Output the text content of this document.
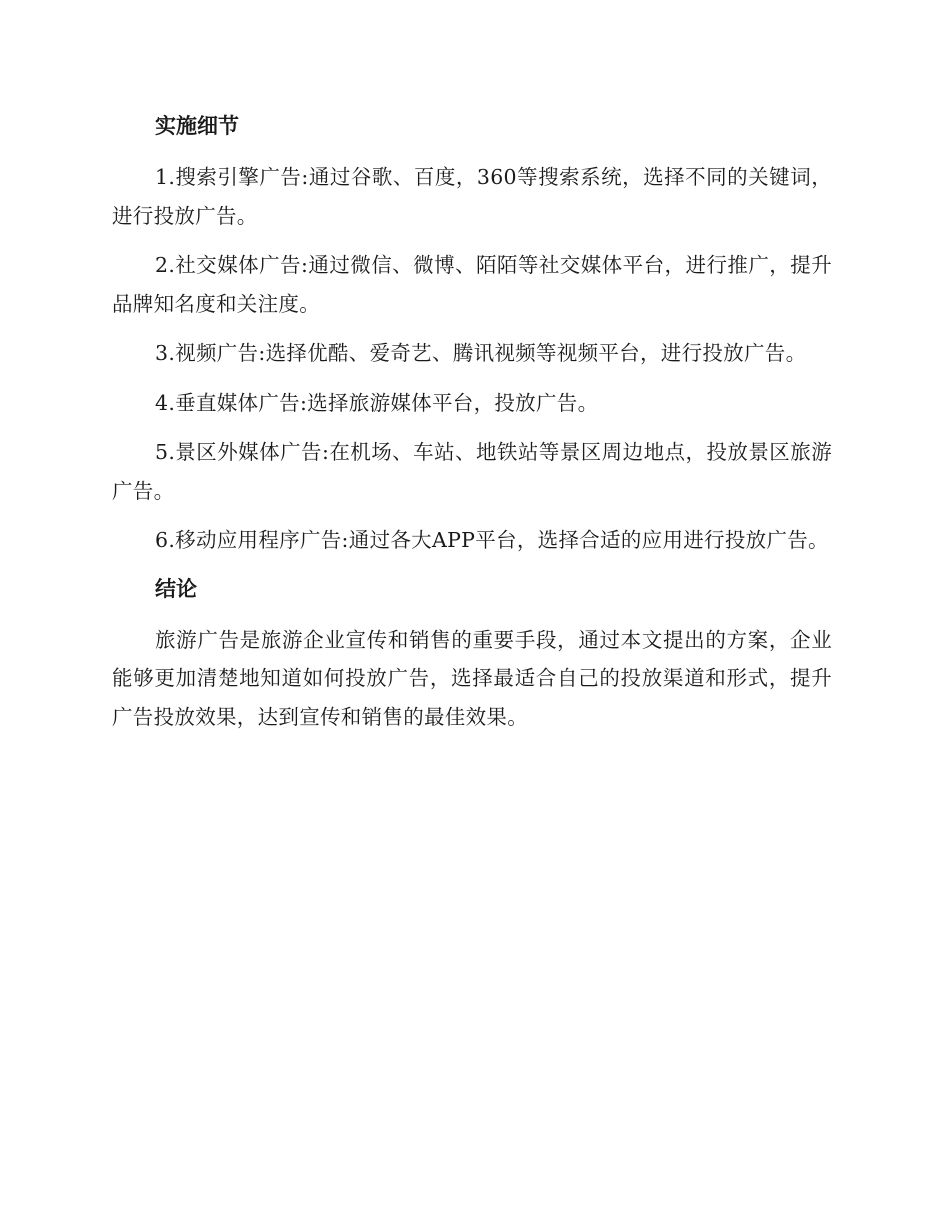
实施细节

1.搜索引擎广告:通过谷歌、百度，360等搜索系统，选择不同的关键词，进行投放广告。

2.社交媒体广告:通过微信、微博、陌陌等社交媒体平台，进行推广，提升品牌知名度和关注度。

3.视频广告:选择优酷、爱奇艺、腾讯视频等视频平台，进行投放广告。

4.垂直媒体广告:选择旅游媒体平台，投放广告。

5.景区外媒体广告:在机场、车站、地铁站等景区周边地点，投放景区旅游广告。

6.移动应用程序广告:通过各大APP平台，选择合适的应用进行投放广告。

结论

旅游广告是旅游企业宣传和销售的重要手段，通过本文提出的方案，企业能够更加清楚地知道如何投放广告，选择最适合自己的投放渠道和形式，提升广告投放效果，达到宣传和销售的最佳效果。
